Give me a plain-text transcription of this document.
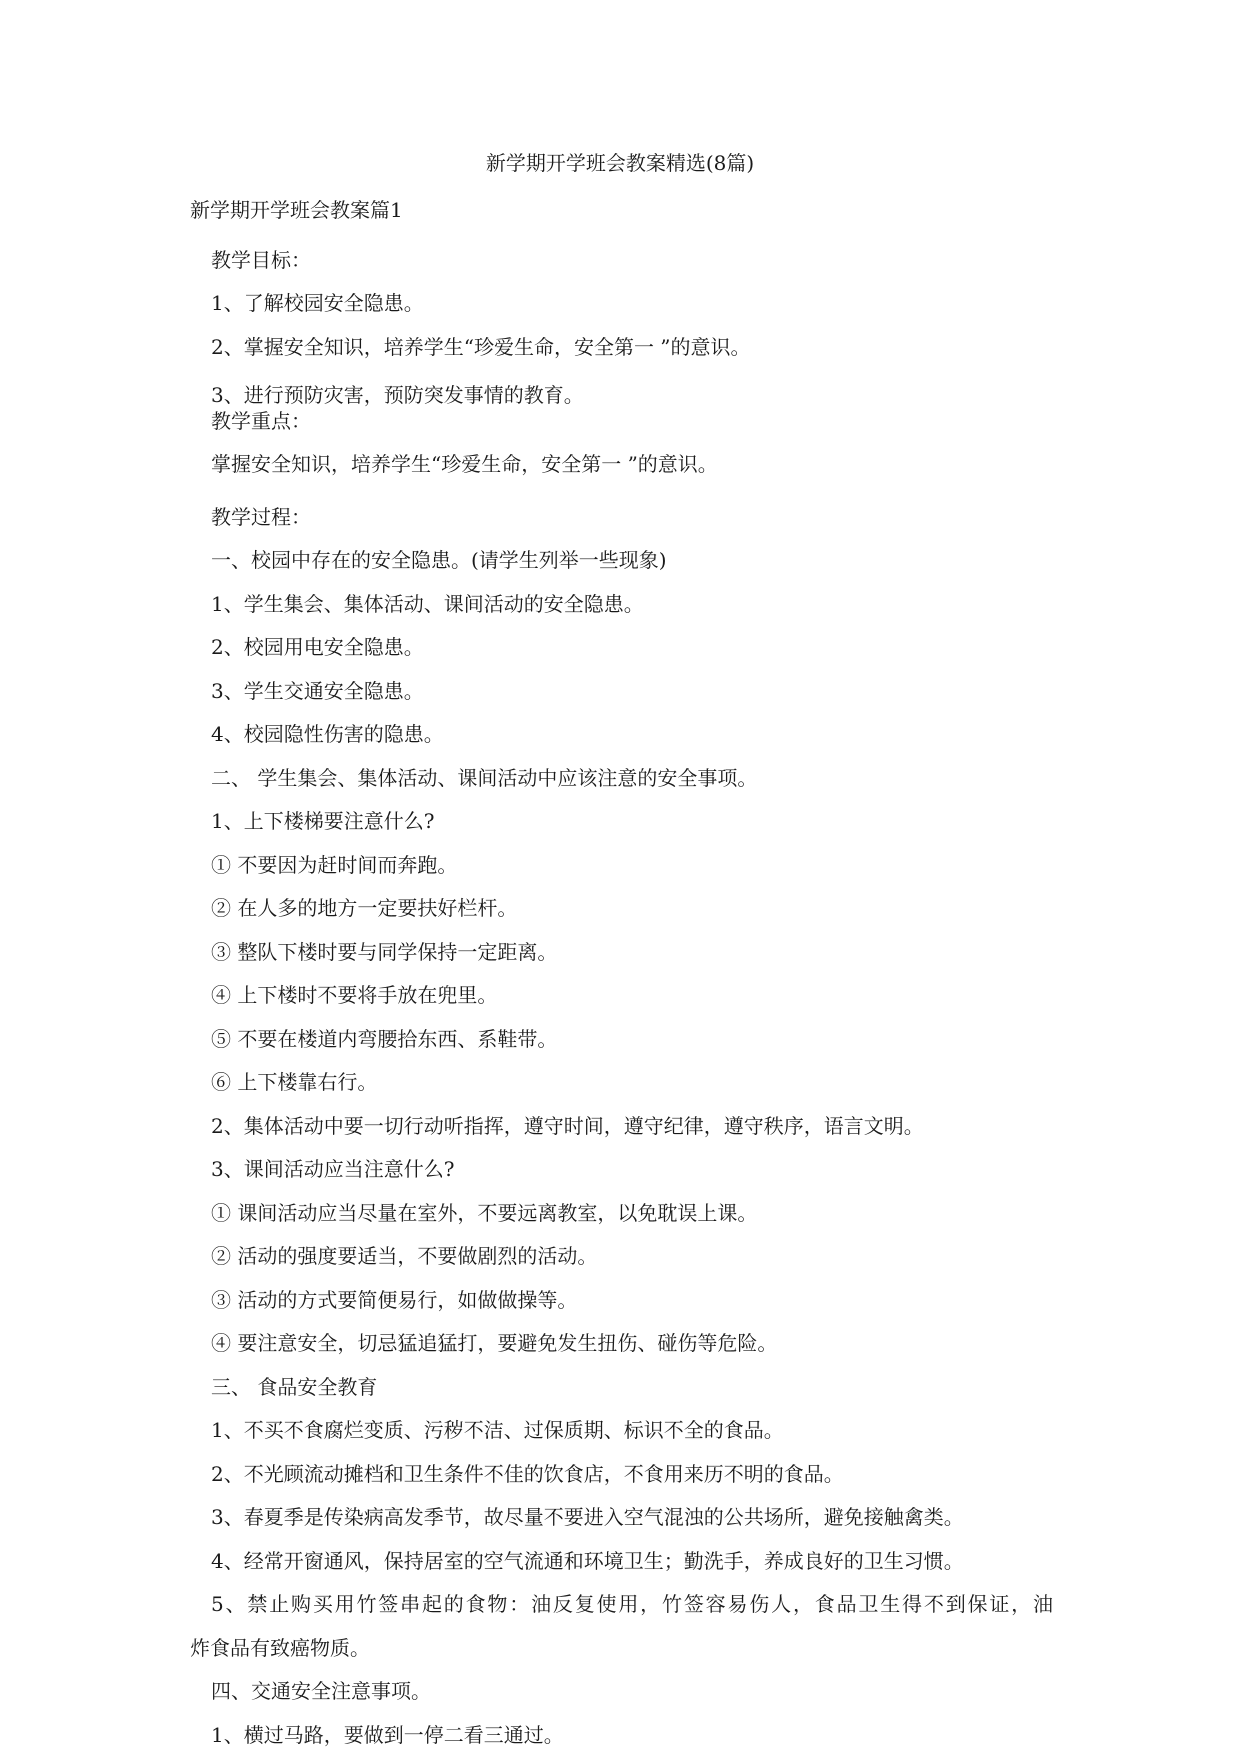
新学期开学班会教案精选(8篇)
新学期开学班会教案篇1
教学目标：
1、了解校园安全隐患。
2、掌握安全知识，培养学生“珍爱生命，安全第一 ”的意识。
3、进行预防灾害，预防突发事情的教育。
教学重点：
掌握安全知识，培养学生“珍爱生命，安全第一 ”的意识。
教学过程：
一、校园中存在的安全隐患。(请学生列举一些现象)
1、学生集会、集体活动、课间活动的安全隐患。
2、校园用电安全隐患。
3、学生交通安全隐患。
4、校园隐性伤害的隐患。
二、 学生集会、集体活动、课间活动中应该注意的安全事项。
1、上下楼梯要注意什么?
① 不要因为赶时间而奔跑。
② 在人多的地方一定要扶好栏杆。
③ 整队下楼时要与同学保持一定距离。
④ 上下楼时不要将手放在兜里。
⑤ 不要在楼道内弯腰拾东西、系鞋带。
⑥ 上下楼靠右行。
2、集体活动中要一切行动听指挥，遵守时间，遵守纪律，遵守秩序，语言文明。
3、课间活动应当注意什么?
① 课间活动应当尽量在室外，不要远离教室，以免耽误上课。
② 活动的强度要适当，不要做剧烈的活动。
③ 活动的方式要简便易行，如做做操等。
④ 要注意安全，切忌猛追猛打，要避免发生扭伤、碰伤等危险。
三、 食品安全教育
1、不买不食腐烂变质、污秽不洁、过保质期、标识不全的食品。
2、不光顾流动摊档和卫生条件不佳的饮食店，不食用来历不明的食品。
3、春夏季是传染病高发季节，故尽量不要进入空气混浊的公共场所，避免接触禽类。
4、经常开窗通风，保持居室的空气流通和环境卫生；勤洗手，养成良好的卫生习惯。
5、禁止购买用竹签串起的食物：油反复使用，竹签容易伤人，食品卫生得不到保证，油
炸食品有致癌物质。
四、交通安全注意事项。
1、横过马路，要做到一停二看三通过。
